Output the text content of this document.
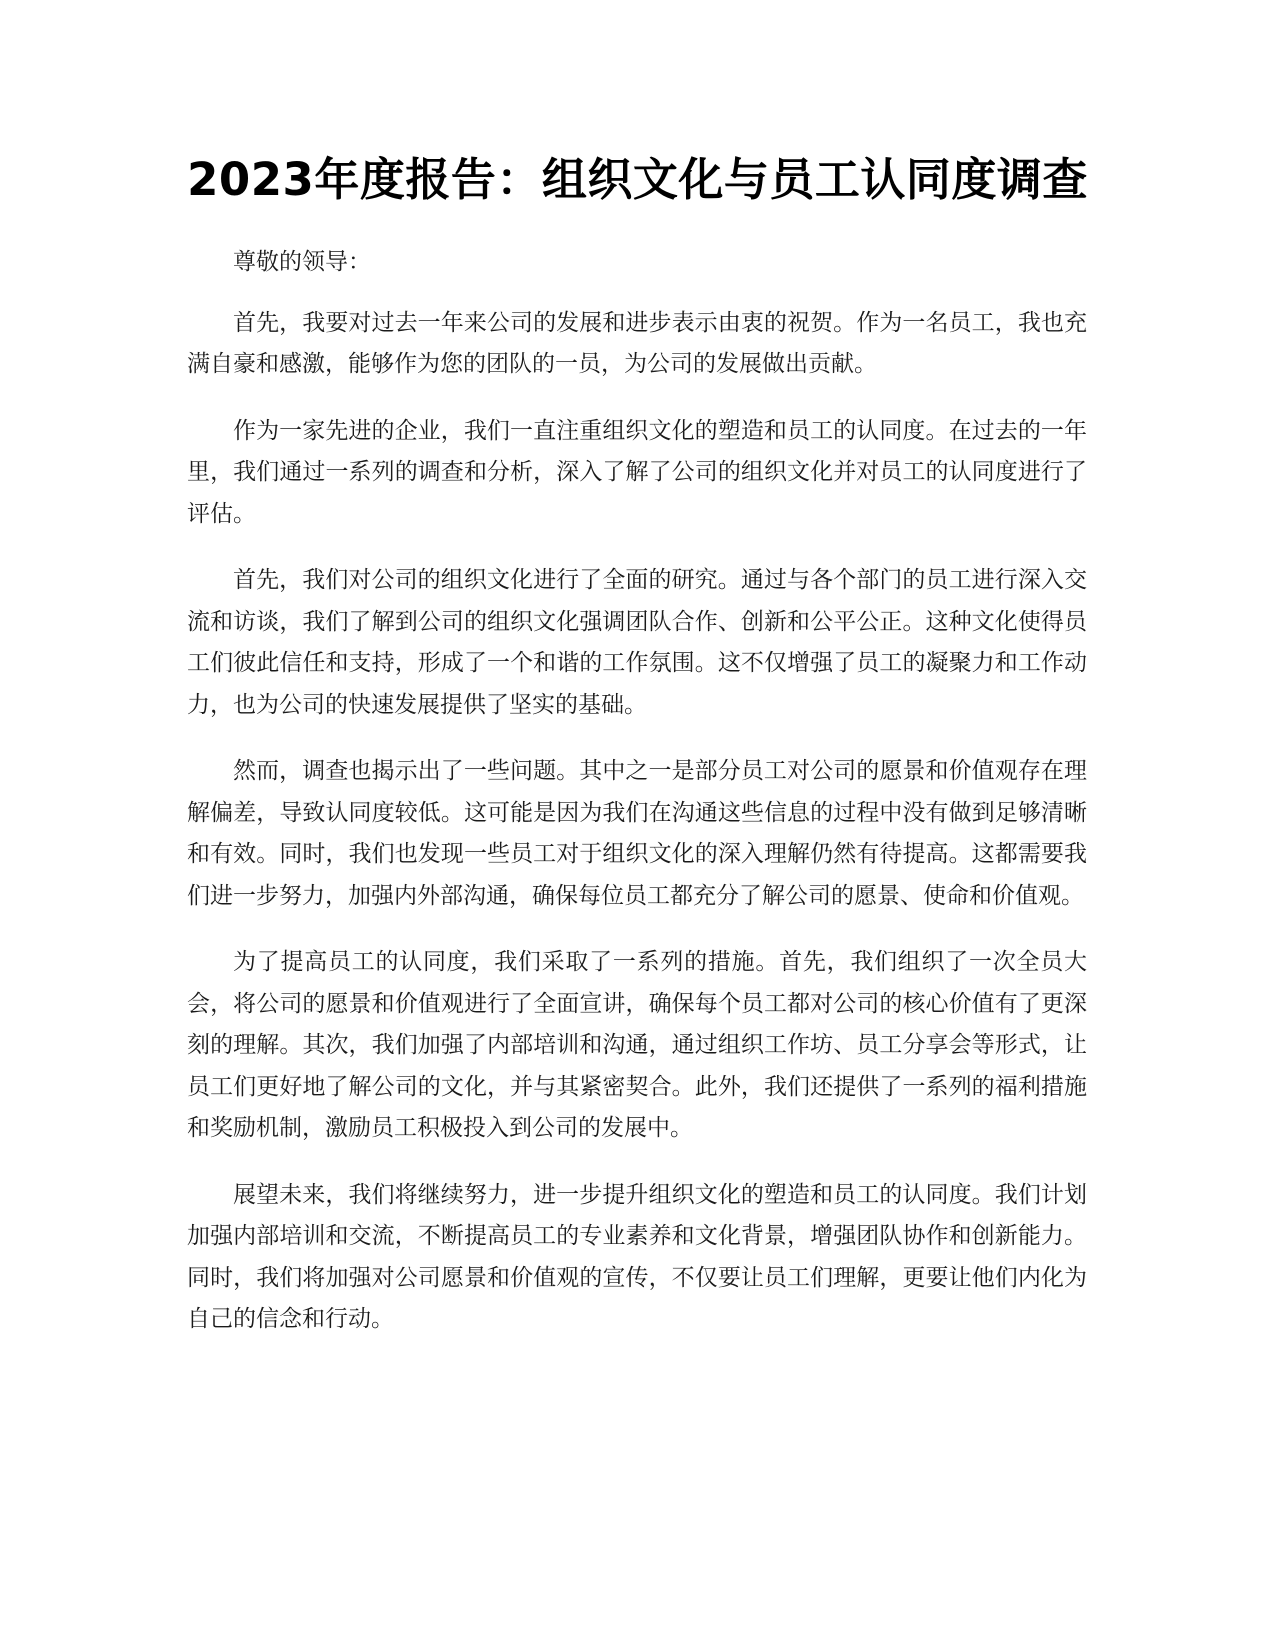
2023年度报告：组织文化与员工认同度调查

尊敬的领导：

首先，我要对过去一年来公司的发展和进步表示由衷的祝贺。作为一名员工，我也充满自豪和感激，能够作为您的团队的一员，为公司的发展做出贡献。

作为一家先进的企业，我们一直注重组织文化的塑造和员工的认同度。在过去的一年里，我们通过一系列的调查和分析，深入了解了公司的组织文化并对员工的认同度进行了评估。

首先，我们对公司的组织文化进行了全面的研究。通过与各个部门的员工进行深入交流和访谈，我们了解到公司的组织文化强调团队合作、创新和公平公正。这种文化使得员工们彼此信任和支持，形成了一个和谐的工作氛围。这不仅增强了员工的凝聚力和工作动力，也为公司的快速发展提供了坚实的基础。

然而，调查也揭示出了一些问题。其中之一是部分员工对公司的愿景和价值观存在理解偏差，导致认同度较低。这可能是因为我们在沟通这些信息的过程中没有做到足够清晰和有效。同时，我们也发现一些员工对于组织文化的深入理解仍然有待提高。这都需要我们进一步努力，加强内外部沟通，确保每位员工都充分了解公司的愿景、使命和价值观。

为了提高员工的认同度，我们采取了一系列的措施。首先，我们组织了一次全员大会，将公司的愿景和价值观进行了全面宣讲，确保每个员工都对公司的核心价值有了更深刻的理解。其次，我们加强了内部培训和沟通，通过组织工作坊、员工分享会等形式，让员工们更好地了解公司的文化，并与其紧密契合。此外，我们还提供了一系列的福利措施和奖励机制，激励员工积极投入到公司的发展中。

展望未来，我们将继续努力，进一步提升组织文化的塑造和员工的认同度。我们计划加强内部培训和交流，不断提高员工的专业素养和文化背景，增强团队协作和创新能力。同时，我们将加强对公司愿景和价值观的宣传，不仅要让员工们理解，更要让他们内化为自己的信念和行动。
